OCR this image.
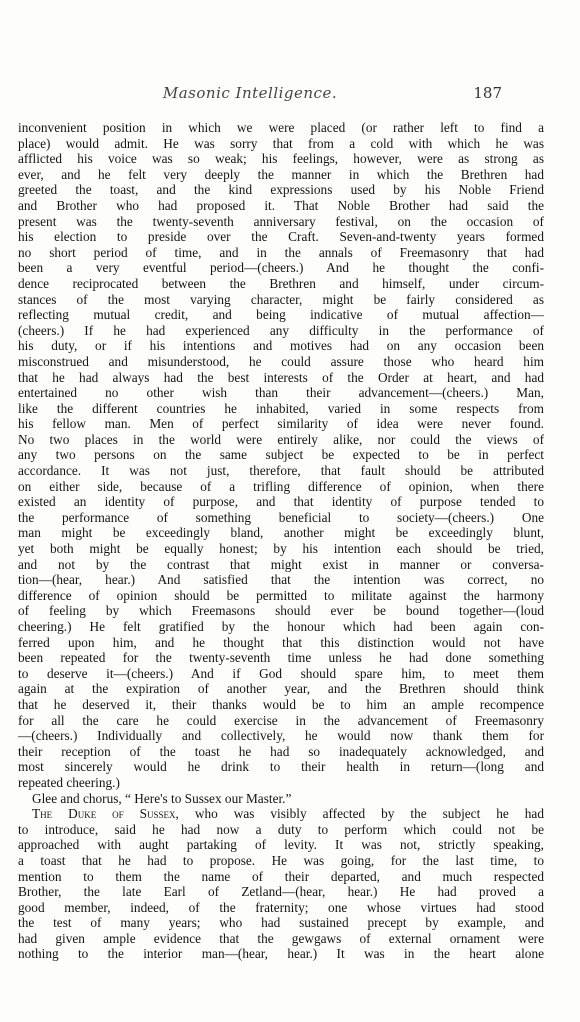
Masonic Intelligence.	187
inconvenient position in which we were placed (or rather left to find a
place) would admit. He was sorry that from a cold with which he was
afflicted his voice was so weak; his feelings, however, were as strong as
ever, and he felt very deeply the manner in which the Brethren had
greeted the toast, and the kind expressions used by his Noble Friend
and Brother who had proposed it. That Noble Brother had said the
present was the twenty-seventh anniversary festival, on the occasion of
his election to preside over the Craft. Seven-and-twenty years formed
no short period of time, and in the annals of Freemasonry that had
been a very eventful period—(cheers.) And he thought the confi-
dence reciprocated between the Brethren and himself, under circum-
stances of the most varying character, might be fairly considered as
reflecting mutual credit, and being indicative of mutual affection—
(cheers.) If he had experienced any difficulty in the performance of
his duty, or if his intentions and motives had on any occasion been
misconstrued and misunderstood, he could assure those who heard him
that he had always had the best interests of the Order at heart, and had
entertained no other wish than their advancement—(cheers.) Man,
like the different countries he inhabited, varied in some respects from
his fellow man. Men of perfect similarity of idea were never found.
No two places in the world were entirely alike, nor could the views of
any two persons on the same subject be expected to be in perfect
accordance. It was not just, therefore, that fault should be attributed
on either side, because of a trifling difference of opinion, when there
existed an identity of purpose, and that identity of purpose tended to
the performance of something beneficial to society—(cheers.) One
man might be exceedingly bland, another might be exceedingly blunt,
yet both might be equally honest; by his intention each should be tried,
and not by the contrast that might exist in manner or conversa-
tion—(hear, hear.) And satisfied that the intention was correct, no
difference of opinion should be permitted to militate against the harmony
of feeling by which Freemasons should ever be bound together—(loud
cheering.) He felt gratified by the honour which had been again con-
ferred upon him, and he thought that this distinction would not have
been repeated for the twenty-seventh time unless he had done something
to deserve it—(cheers.) And if God should spare him, to meet them
again at the expiration of another year, and the Brethren should think
that he deserved it, their thanks would be to him an ample recompence
for all the care he could exercise in the advancement of Freemasonry
—(cheers.) Individually and collectively, he would now thank them for
their reception of the toast he had so inadequately acknowledged, and
most sincerely would he drink to their health in return—(long and
repeated cheering.)
Glee and chorus, “ Here's to Sussex our Master.”
The Duke of Sussex, who was visibly affected by the subject he had
to introduce, said he had now a duty to perform which could not be
approached with aught partaking of levity. It was not, strictly speaking,
a toast that he had to propose. He was going, for the last time, to
mention to them the name of their departed, and much respected
Brother, the late Earl of Zetland—(hear, hear.) He had proved a
good member, indeed, of the fraternity; one whose virtues had stood
the test of many years; who had sustained precept by example, and
had given ample evidence that the gewgaws of external ornament were
nothing to the interior man—(hear, hear.) It was in the heart alone
